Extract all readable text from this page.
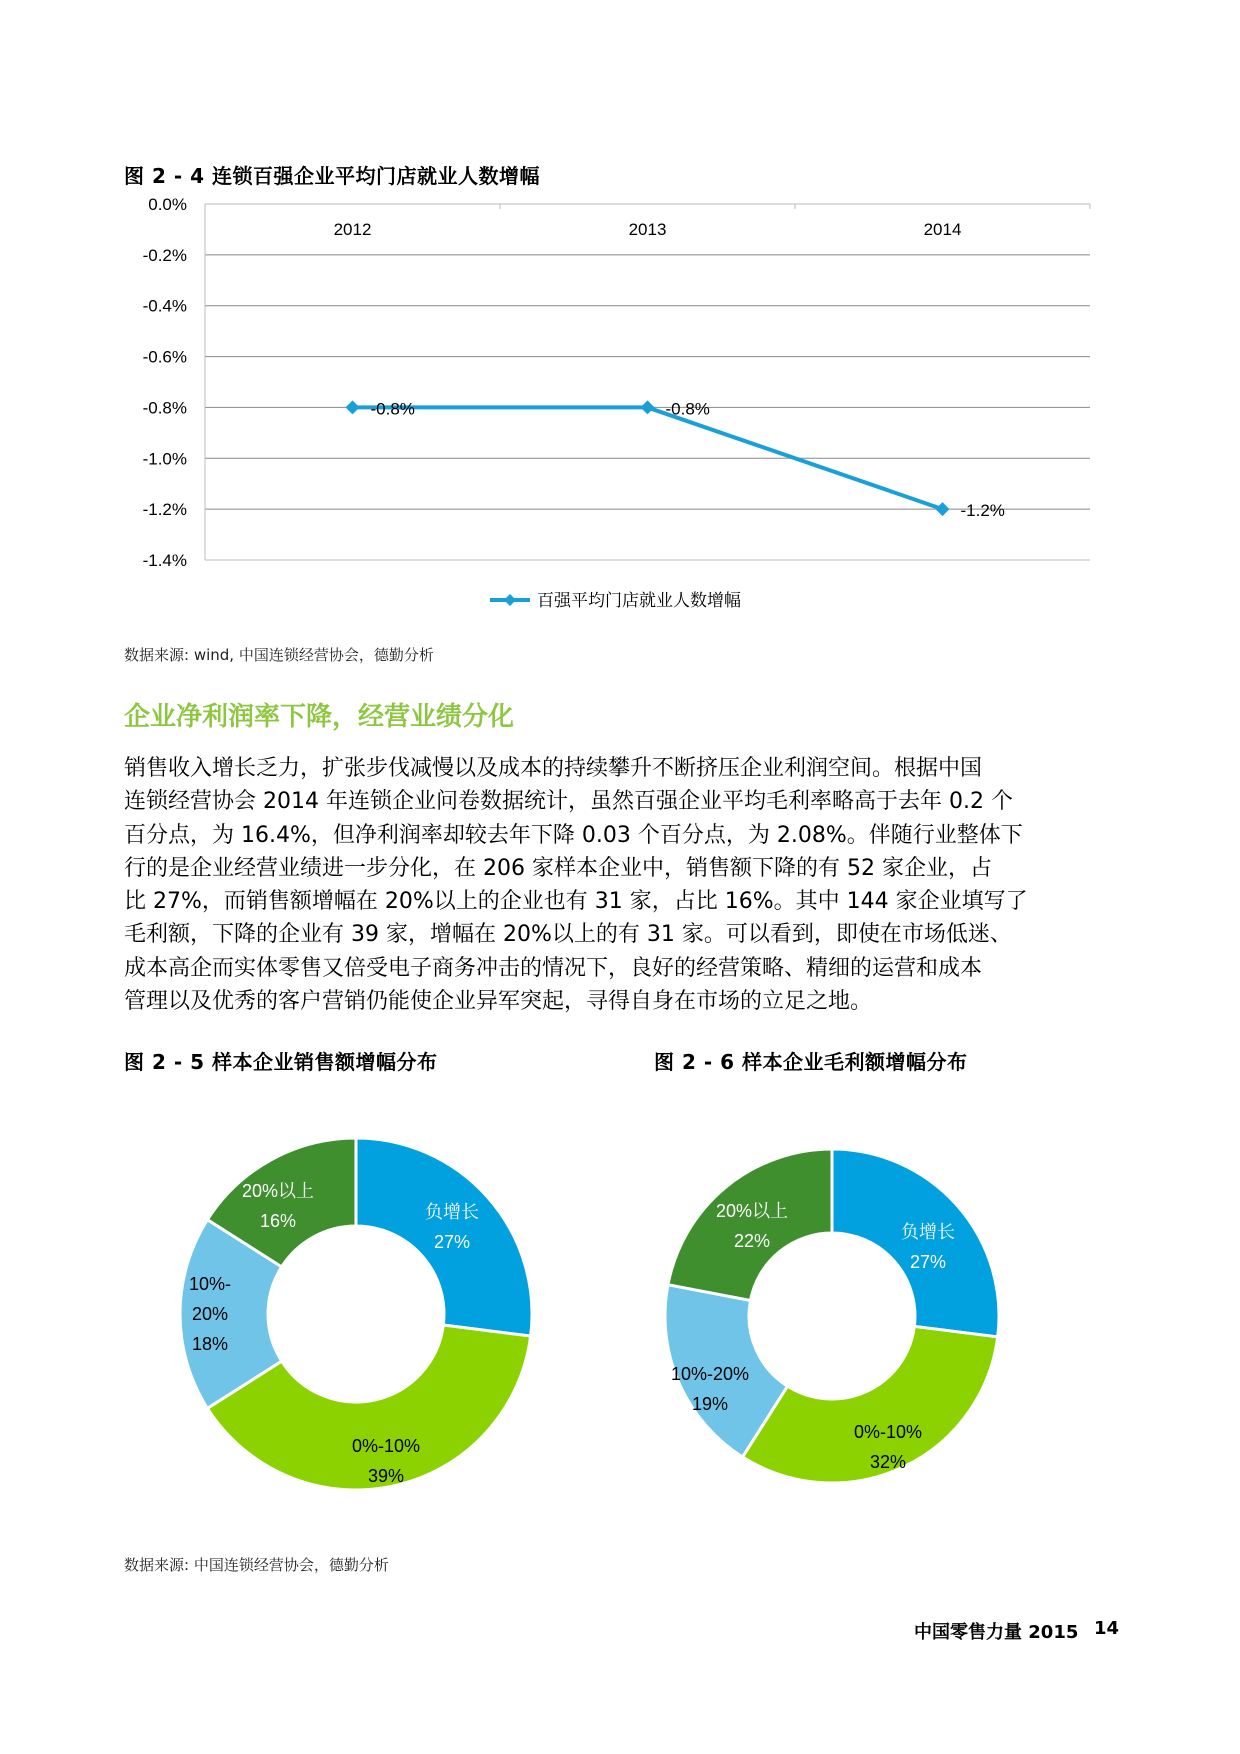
图 2 - 4 连锁百强企业平均门店就业人数增幅
0.0%
-0.2%
-0.4%
-0.6%
-0.8%
-1.0%
-1.2%
-1.4%
2012	2013	2014
-0.8%	-0.8%
-1.2%
百强平均门店就业人数增幅
数据来源: wind, 中国连锁经营协会，德勤分析
企业净利润率下降，经营业绩分化

销售收入增长乏力，扩张步伐减慢以及成本的持续攀升不断挤压企业利润空间。根据中国

连锁经营协会 2014 年连锁企业问卷数据统计，虽然百强企业平均毛利率略高于去年 0.2 个

百分点，为 16.4%，但净利润率却较去年下降 0.03 个百分点，为 2.08%。伴随行业整体下

行的是企业经营业绩进一步分化，在 206 家样本企业中，销售额下降的有 52 家企业，占

比 27%，而销售额增幅在 20%以上的企业也有 31 家，占比 16%。其中 144 家企业填写了

毛利额，下降的企业有 39 家，增幅在 20%以上的有 31 家。可以看到，即使在市场低迷、

成本高企而实体零售又倍受电子商务冲击的情况下，良好的经营策略、精细的运营和成本

管理以及优秀的客户营销仍能使企业异军突起，寻得自身在市场的立足之地。

图 2 - 5 样本企业销售额增幅分布	图 2 - 6 样本企业毛利额增幅分布
负增长 27%
0%-10% 39%
10%-20% 18%
20%以上 16%
负增长 27%
0%-10% 32%
10%-20% 19%
20%以上 22%
数据来源: 中国连锁经营协会，德勤分析
中国零售力量 2015 14
